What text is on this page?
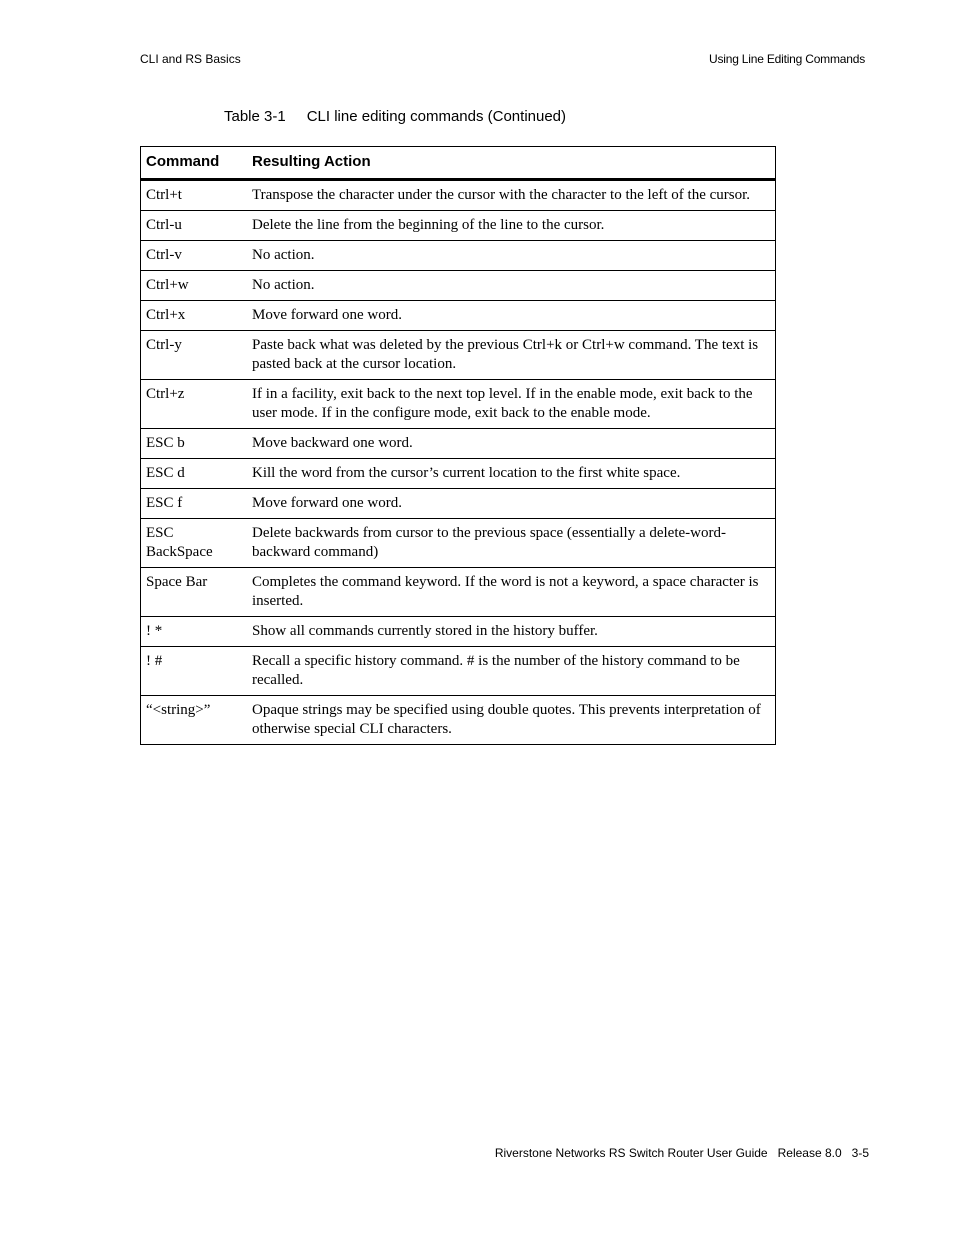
CLI and RS Basics	Using Line Editing Commands
Table 3-1 CLI line editing commands (Continued)
Command	Resulting Action
Ctrl+t	Transpose the character under the cursor with the character to the left of the cursor.
Ctrl-u	Delete the line from the beginning of the line to the cursor.
Ctrl-v	No action.
Ctrl+w	No action.
Ctrl+x	Move forward one word.
Ctrl-y	Paste back what was deleted by the previous Ctrl+k or Ctrl+w command. The text is pasted back at the cursor location.
Ctrl+z	If in a facility, exit back to the next top level. If in the enable mode, exit back to the user mode. If in the configure mode, exit back to the enable mode.
ESC b	Move backward one word.
ESC d	Kill the word from the cursor’s current location to the first white space.
ESC f	Move forward one word.
ESC BackSpace	Delete backwards from cursor to the previous space (essentially a delete-word-backward command)
Space Bar	Completes the command keyword. If the word is not a keyword, a space character is inserted.
! *	Show all commands currently stored in the history buffer.
! #	Recall a specific history command. # is the number of the history command to be recalled.
“<string>”	Opaque strings may be specified using double quotes. This prevents interpretation of otherwise special CLI characters.
Riverstone Networks RS Switch Router User Guide   Release 8.0   3-5
